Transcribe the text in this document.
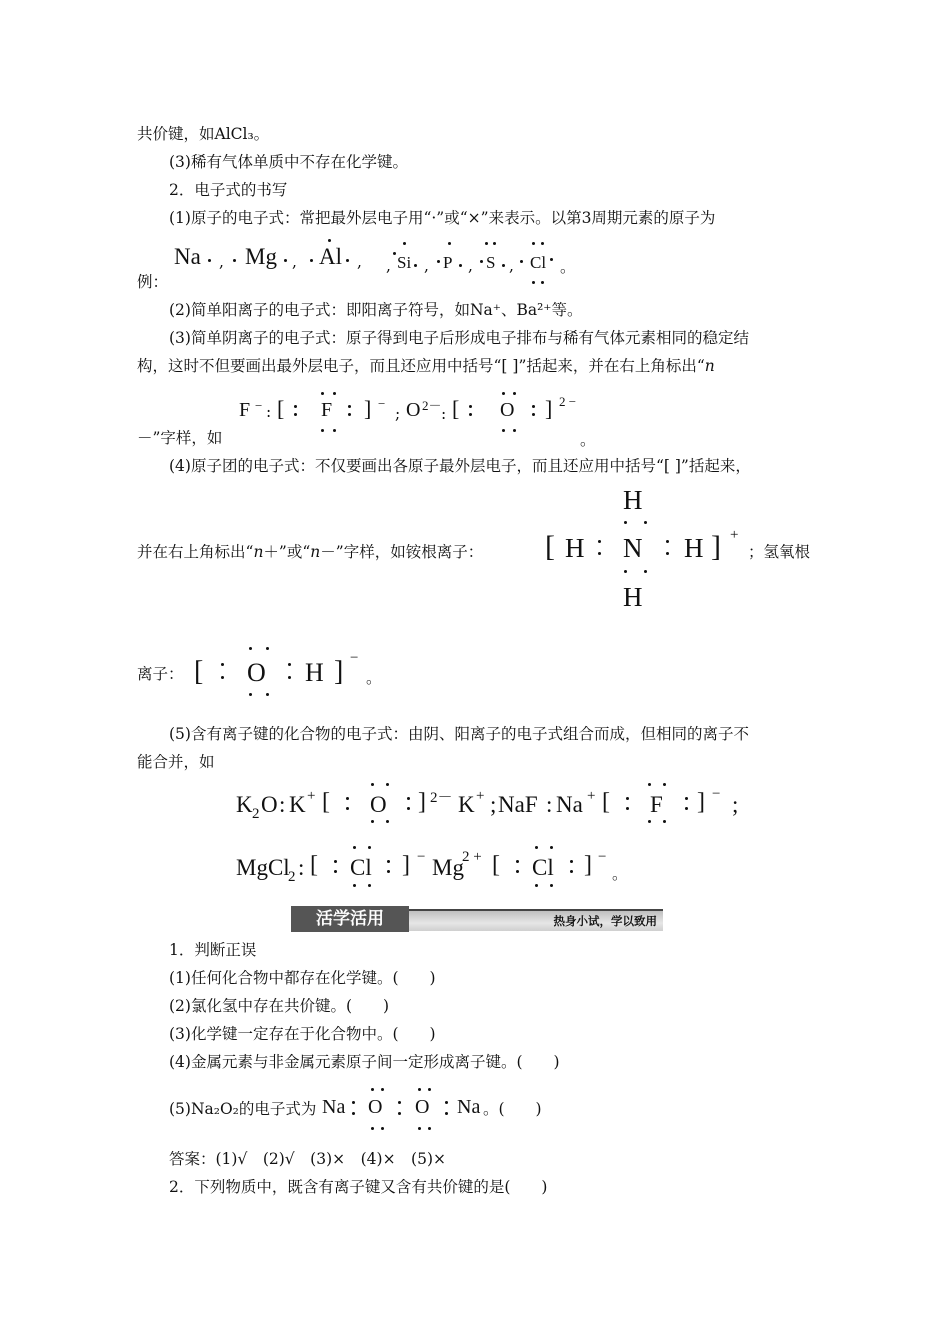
共价键，如AlCl₃。
(3)稀有气体单质中不存在化学键。
2．电子式的书写
(1)原子的电子式：常把最外层电子用“·”或“×”来表示。以第3周期元素的原子为
Na , Mg , Al , , Si , P , S , Cl 。
例：
(2)简单阳离子的电子式：即阳离子符号，如Na⁺、Ba²⁺等。
(3)简单阴离子的电子式：原子得到电子后形成电子排布与稀有气体元素相同的稳定结
构，这时不但要画出最外层电子，而且还应用中括号“[ ]”括起来，并在右上角标出“n
F − : [ F ] −
; O 2－ : [ O ] 2 −
－”字样，如	。
(4)原子团的电子式：不仅要画出各原子最外层电子，而且还应用中括号“[ ]”括起来，
并在右上角标出“n＋”或“n－”字样，如铵根离子：
H
[ H N H ] +
H
；氢氧根
离子： [ O H ] −
。
(5)含有离子键的化合物的电子式：由阴、阳离子的电子式组合而成，但相同的离子不
能合并，如
K 2 O : K + [ O ] 2－ K + ; NaF : Na + [ F ] − ;
MgCl
2 : [ Cl ] − Mg
2 + [ Cl ] −
。
活学活用	热身小试，学以致用
1．判断正误
(1)任何化合物中都存在化学键。(　　)
(2)氯化氢中存在共价键。(　　)
(3)化学键一定存在于化合物中。(　　)
(4)金属元素与非金属元素原子间一定形成离子键。(　　)
(5)Na₂O₂的电子式为 Na O O Na 。(　　)
答案：(1)√　(2)√　(3)×　(4)×　(5)×
2．下列物质中，既含有离子键又含有共价键的是(　　)
